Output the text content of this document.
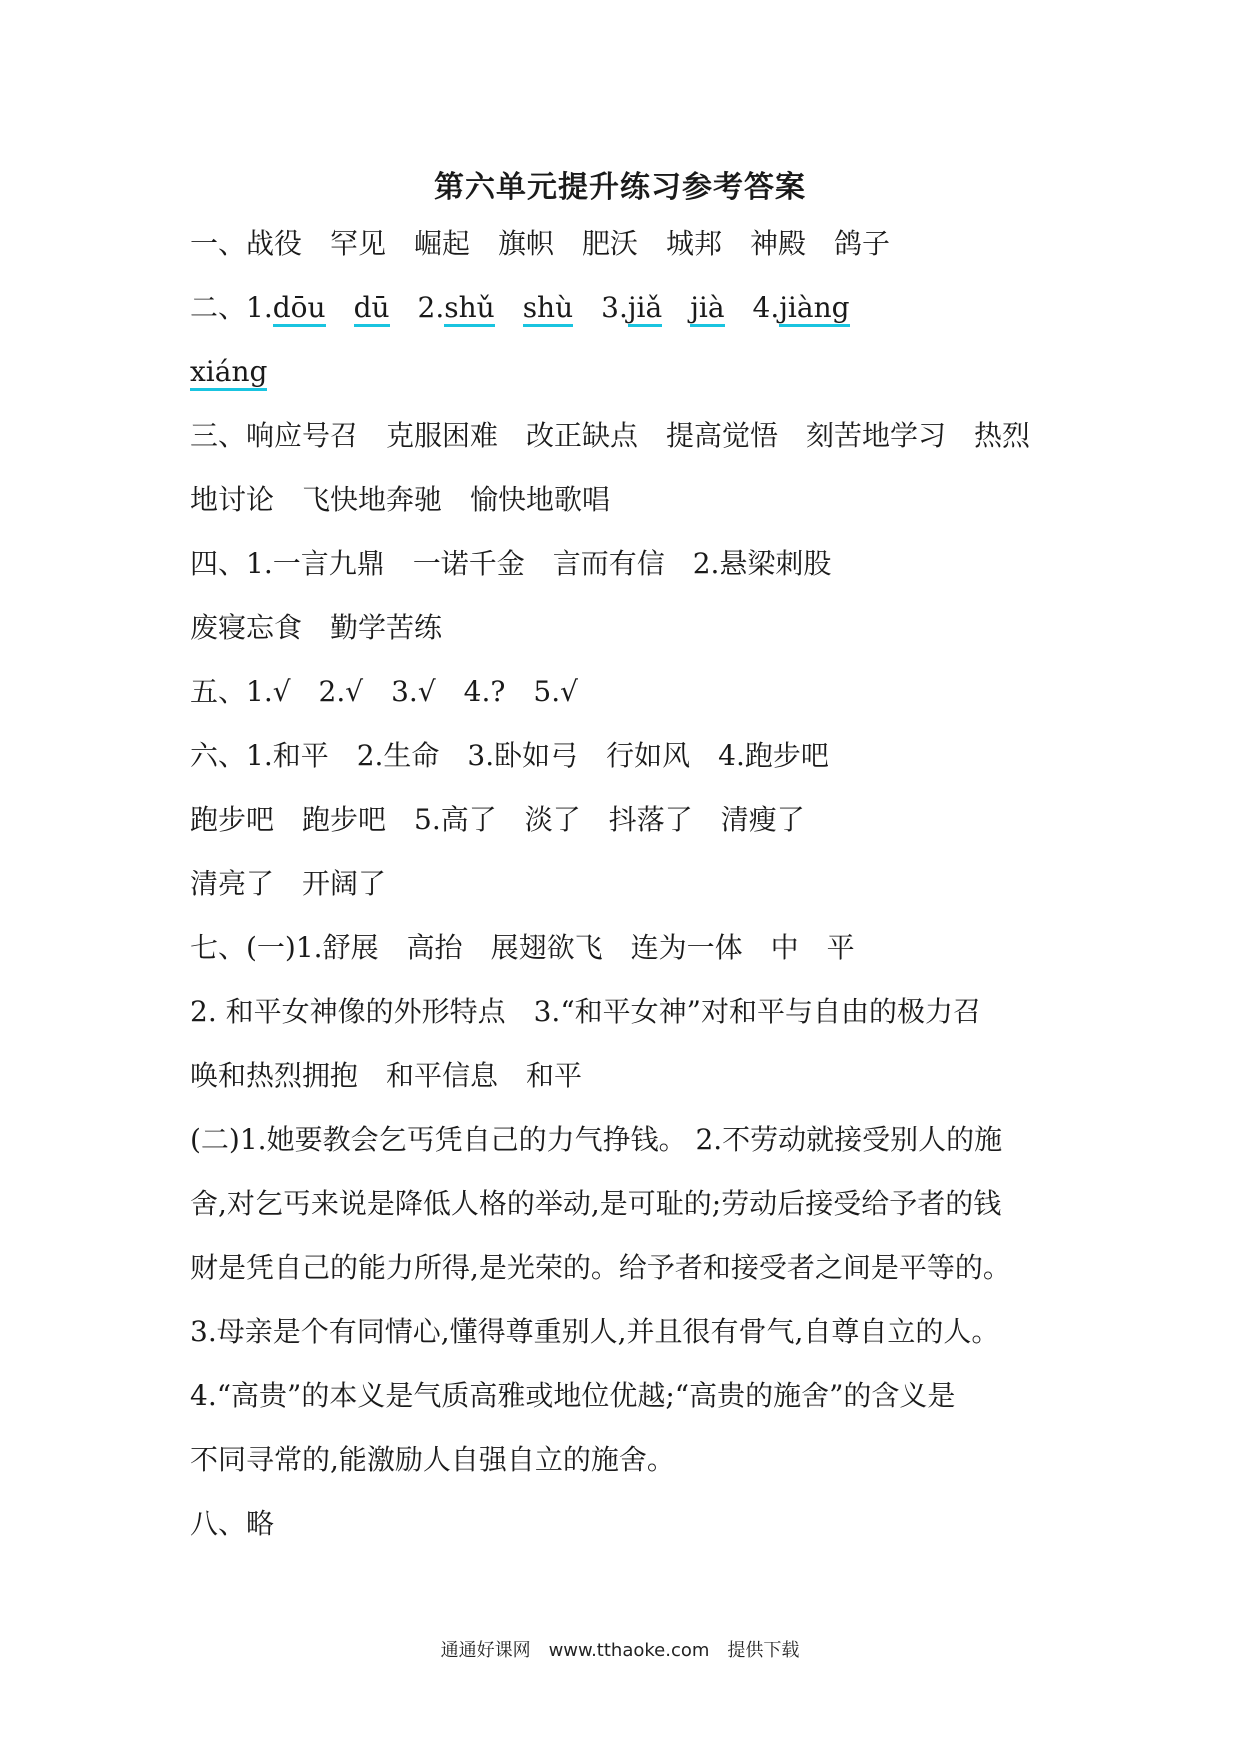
第六单元提升练习参考答案
一、战役　罕见　崛起　旗帜　肥沃　城邦　神殿　鸽子
二、1.dōu dū 2.shǔ shù 3.jiǎ jià 4.jiàng
xiáng
三、响应号召　克服困难　改正缺点　提高觉悟　刻苦地学习　热烈
地讨论　飞快地奔驰　愉快地歌唱
四、1.一言九鼎　一诺千金　言而有信　2.悬梁刺股
废寝忘食　勤学苦练
五、1.√　2.√　3.√　4.?　5.√
六、1.和平　2.生命　3.卧如弓　行如风　4.跑步吧
跑步吧　跑步吧　5.高了　淡了　抖落了　清瘦了
清亮了　开阔了
七、(一)1.舒展　高抬　展翅欲飞　连为一体　中　平
2. 和平女神像的外形特点　3.“和平女神”对和平与自由的极力召
唤和热烈拥抱　和平信息　和平
(二)1.她要教会乞丐凭自己的力气挣钱。 2.不劳动就接受别人的施
舍,对乞丐来说是降低人格的举动,是可耻的;劳动后接受给予者的钱
财是凭自己的能力所得,是光荣的。给予者和接受者之间是平等的。
3.母亲是个有同情心,懂得尊重别人,并且很有骨气,自尊自立的人。
4.“高贵”的本义是气质高雅或地位优越;“高贵的施舍”的含义是
不同寻常的,能激励人自强自立的施舍。
八、略
通通好课网　www.tthaoke.com　提供下载
